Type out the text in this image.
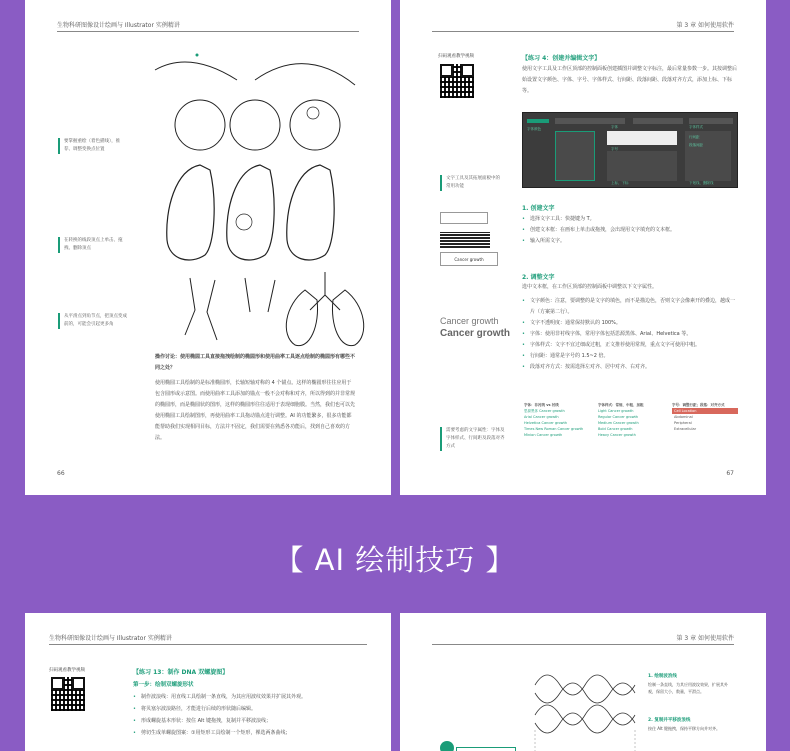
生物科研图像设计绘画与 Illustrator 实例精讲
要掌握重绘（着色描线），推荐、调整变换点位置
在转换的线段顶点上单击、拖拽、删除顶点
从平滑点到角节点，把顶点变成前的，可能会引起更多角
操作讨论：使用椭圆工具直接拖拽绘制的椭圆形和使用曲率工具逐点绘制的椭圆形有哪些不同之处？
使用椭圆工具绘制的是标准椭圆形，长轴短轴对称的 4 个锚点。这样的椭圆形往往应用于包含圆形或示意图。而使用曲率工具添加的锚点一般不会对称和对齐，所以得到的并非常规的椭圆形，而是椭圆状的图形，这样的椭圆形往往适用于表现细胞膜。当然，我们也可以先使用椭圆工具绘制图形，再使用曲率工具拖动锚点进行调整。AI 的功能繁多，很多功能都能帮助我们实现相同目标，方法并不固定，我们需要在熟悉各功能后，找到自己喜欢的方法。
66
第 3 章 如何使用软件
扫码观看教学视频	【练习 4：创建并编辑文字】
使用文字工具及工作区顶部的控制面板创建插图并调整文字标注，最后常量参数一步。其按调整后始设置文字颜色、字体、字号、字体样式、行间距、段落间距、段落对齐方式，添加上标、下标等。
字体颜色	字体
字号
字体样式
行间距
段落间距
上标、下标	下划线、删除线
文字工具及其拓展面板中的常用功能
Cancer growth
Cancer growth
Cancer growth
需要考虑的文字属性：字体及字体样式、行间距及段落对齐方式
1. 创建文字
• 选择文字工具：快捷键为 T。
• 创建文本框：在画布上单击或拖拽，会出现用文字填充的文本框。
• 输入所需文字。
2. 调整文字
选中文本框，在工作区顶部的控制面板中调整以下文字属性。
• 文字颜色：注意，要调整的是文字的填色，而不是描边色，否则文字会像素开的叠边，越成一片（方案第二行）。
• 文字不透明度：通常保持默认的 100%。
• 字体：使用非衬线字体，常用字体包括思源黑体、Arial、Helvetica 等。
• 字体样式：文字不宜过细或过粗，正文推荐使用常规，重点文字可使用中粗。
• 行间距：通常是字号的 1.5~2 倍。
• 段落对齐方式：按需选择左对齐、居中对齐、右对齐。
字体：非衬线 vs 衬线
思源黑体 Cancer growth
Arial Cancer growth
Helvetica Cancer growth
Times New Roman Cancer growth
Minion Cancer growth
字体样式：常规、中粗、加粗
Light Cancer growth
Regular Cancer growth
Medium Cancer growth
Bold Cancer growth
Heavy Cancer growth
字号：调整行距；段落：对齐方式
Cell Location
Abdominal
Peripheral
Extracellular
67
【 AI 绘制技巧 】
生物科研图像设计绘画与 Illustrator 实例精讲
扫码观看教学视频	【练习 13：制作 DNA 双螺旋图】
第一步：绘制双螺旋形状
• 制作波浪线：用直线工具绘制一条直线，为其应用波纹效果并扩展其外观。
• 将贝塞尔波浪路径，才能进行后续的形状随后编辑。
• 形成螺旋基本形状：按住 Alt 键拖拽，复制并平移波浪线；
• 剪切生成单螺旋图案：①用矩形工具绘制一个矩形，裸选两条曲线；
第 3 章 如何使用软件
1. 绘制波浪线
绘制一条直线，为其应用波纹效果，扩展其外观，保留大小，数量，平滑点。
2. 复制并平移波浪线
按住 Alt 键拖拽，保持平移方向并对齐。
